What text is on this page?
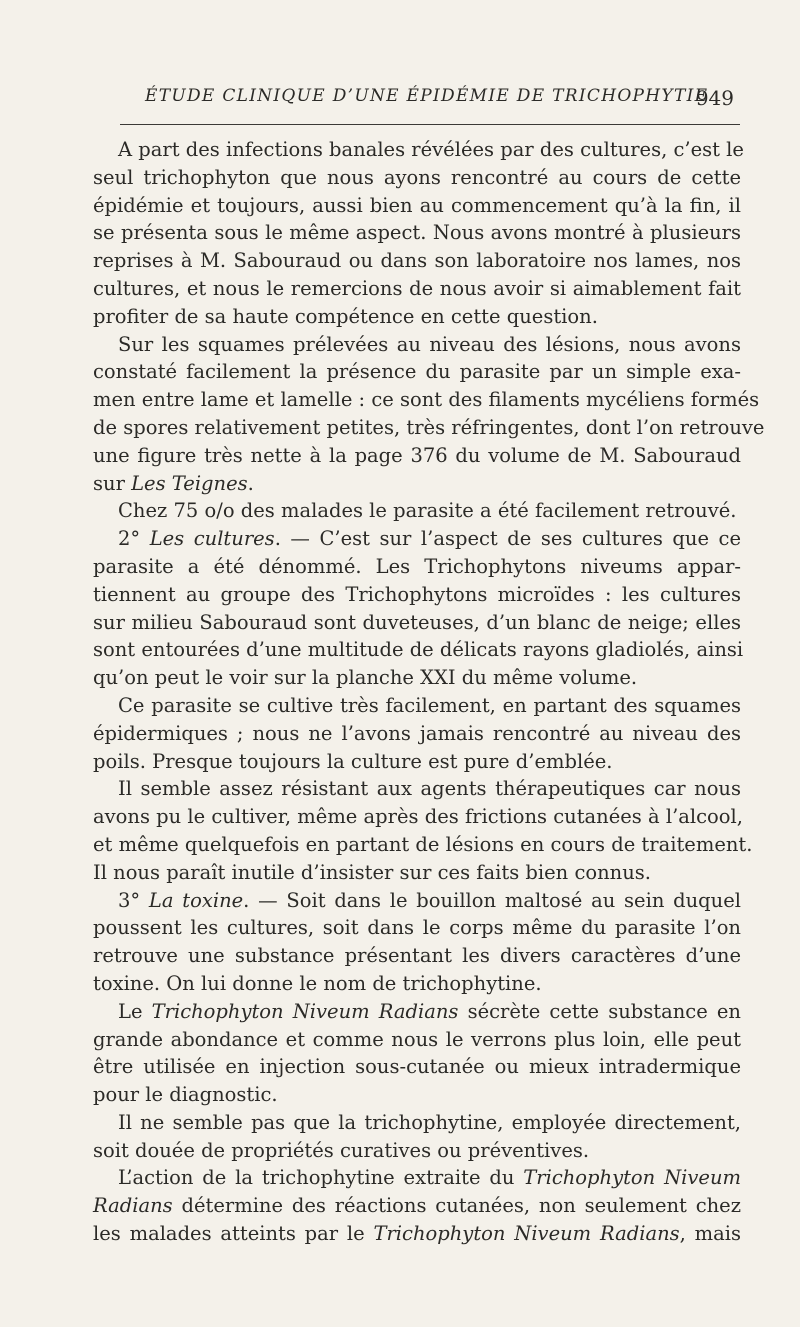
ÉTUDE CLINIQUE D’UNE ÉPIDÉMIE DE TRICHOPHYTIE
949
A part des infections banales révélées par des cultures, c’est le
seul trichophyton que nous ayons rencontré au cours de cette
épidémie et toujours, aussi bien au commencement qu’à la fin, il
se présenta sous le même aspect. Nous avons montré à plusieurs
reprises à M. Sabouraud ou dans son laboratoire nos lames, nos
cultures, et nous le remercions de nous avoir si aimablement fait
profiter de sa haute compétence en cette question.
Sur les squames prélevées au niveau des lésions, nous avons
constaté facilement la présence du parasite par un simple exa-
men entre lame et lamelle : ce sont des filaments mycéliens formés
de spores relativement petites, très réfringentes, dont l’on retrouve
une figure très nette à la page 376 du volume de M. Sabouraud
sur Les Teignes.
Chez 75 o/o des malades le parasite a été facilement retrouvé.
2° Les cultures. — C’est sur l’aspect de ses cultures que ce
parasite a été dénommé. Les Trichophytons niveums appar-
tiennent au groupe des Trichophytons microïdes : les cultures
sur milieu Sabouraud sont duveteuses, d’un blanc de neige; elles
sont entourées d’une multitude de délicats rayons gladiolés, ainsi
qu’on peut le voir sur la planche XXI du même volume.
Ce parasite se cultive très facilement, en partant des squames
épidermiques ; nous ne l’avons jamais rencontré au niveau des
poils. Presque toujours la culture est pure d’emblée.
Il semble assez résistant aux agents thérapeutiques car nous
avons pu le cultiver, même après des frictions cutanées à l’alcool,
et même quelquefois en partant de lésions en cours de traitement.
Il nous paraît inutile d’insister sur ces faits bien connus.
3° La toxine. — Soit dans le bouillon maltosé au sein duquel
poussent les cultures, soit dans le corps même du parasite l’on
retrouve une substance présentant les divers caractères d’une
toxine. On lui donne le nom de trichophytine.
Le Trichophyton Niveum Radians sécrète cette substance en
grande abondance et comme nous le verrons plus loin, elle peut
être utilisée en injection sous-cutanée ou mieux intradermique
pour le diagnostic.
Il ne semble pas que la trichophytine, employée directement,
soit douée de propriétés curatives ou préventives.
L’action de la trichophytine extraite du Trichophyton Niveum
Radians détermine des réactions cutanées, non seulement chez
les malades atteints par le Trichophyton Niveum Radians, mais
